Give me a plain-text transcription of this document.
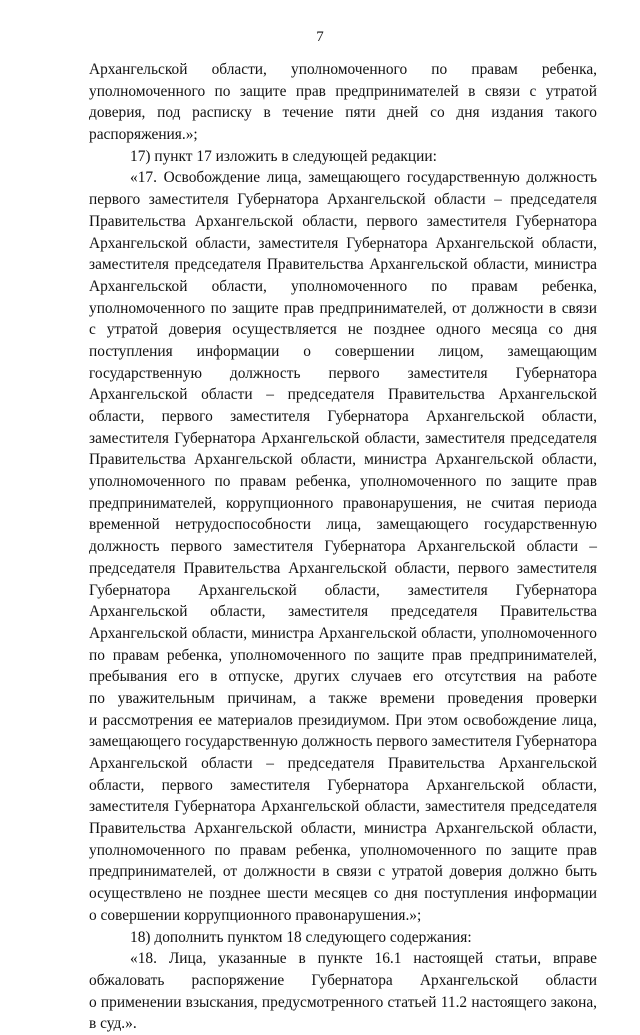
7
Архангельской области, уполномоченного по правам ребенка,
уполномоченного по защите прав предпринимателей в связи с утратой
доверия, под расписку в течение пяти дней со дня издания такого
распоряжения.»;
17) пункт 17 изложить в следующей редакции:
«17. Освобождение лица, замещающего государственную должность
первого заместителя Губернатора Архангельской области – председателя
Правительства Архангельской области, первого заместителя Губернатора
Архангельской области, заместителя Губернатора Архангельской области,
заместителя председателя Правительства Архангельской области, министра
Архангельской области, уполномоченного по правам ребенка,
уполномоченного по защите прав предпринимателей, от должности в связи
с утратой доверия осуществляется не позднее одного месяца со дня
поступления информации о совершении лицом, замещающим
государственную должность первого заместителя Губернатора
Архангельской области – председателя Правительства Архангельской
области, первого заместителя Губернатора Архангельской области,
заместителя Губернатора Архангельской области, заместителя председателя
Правительства Архангельской области, министра Архангельской области,
уполномоченного по правам ребенка, уполномоченного по защите прав
предпринимателей, коррупционного правонарушения, не считая периода
временной нетрудоспособности лица, замещающего государственную
должность первого заместителя Губернатора Архангельской области –
председателя Правительства Архангельской области, первого заместителя
Губернатора Архангельской области, заместителя Губернатора
Архангельской области, заместителя председателя Правительства
Архангельской области, министра Архангельской области, уполномоченного
по правам ребенка, уполномоченного по защите прав предпринимателей,
пребывания его в отпуске, других случаев его отсутствия на работе
по уважительным причинам, а также времени проведения проверки
и рассмотрения ее материалов президиумом. При этом освобождение лица,
замещающего государственную должность первого заместителя Губернатора
Архангельской области – председателя Правительства Архангельской
области, первого заместителя Губернатора Архангельской области,
заместителя Губернатора Архангельской области, заместителя председателя
Правительства Архангельской области, министра Архангельской области,
уполномоченного по правам ребенка, уполномоченного по защите прав
предпринимателей, от должности в связи с утратой доверия должно быть
осуществлено не позднее шести месяцев со дня поступления информации
о совершении коррупционного правонарушения.»;
18) дополнить пунктом 18 следующего содержания:
«18. Лица, указанные в пункте 16.1 настоящей статьи, вправе
обжаловать распоряжение Губернатора Архангельской области
о применении взыскания, предусмотренного статьей 11.2 настоящего закона,
в суд.».
